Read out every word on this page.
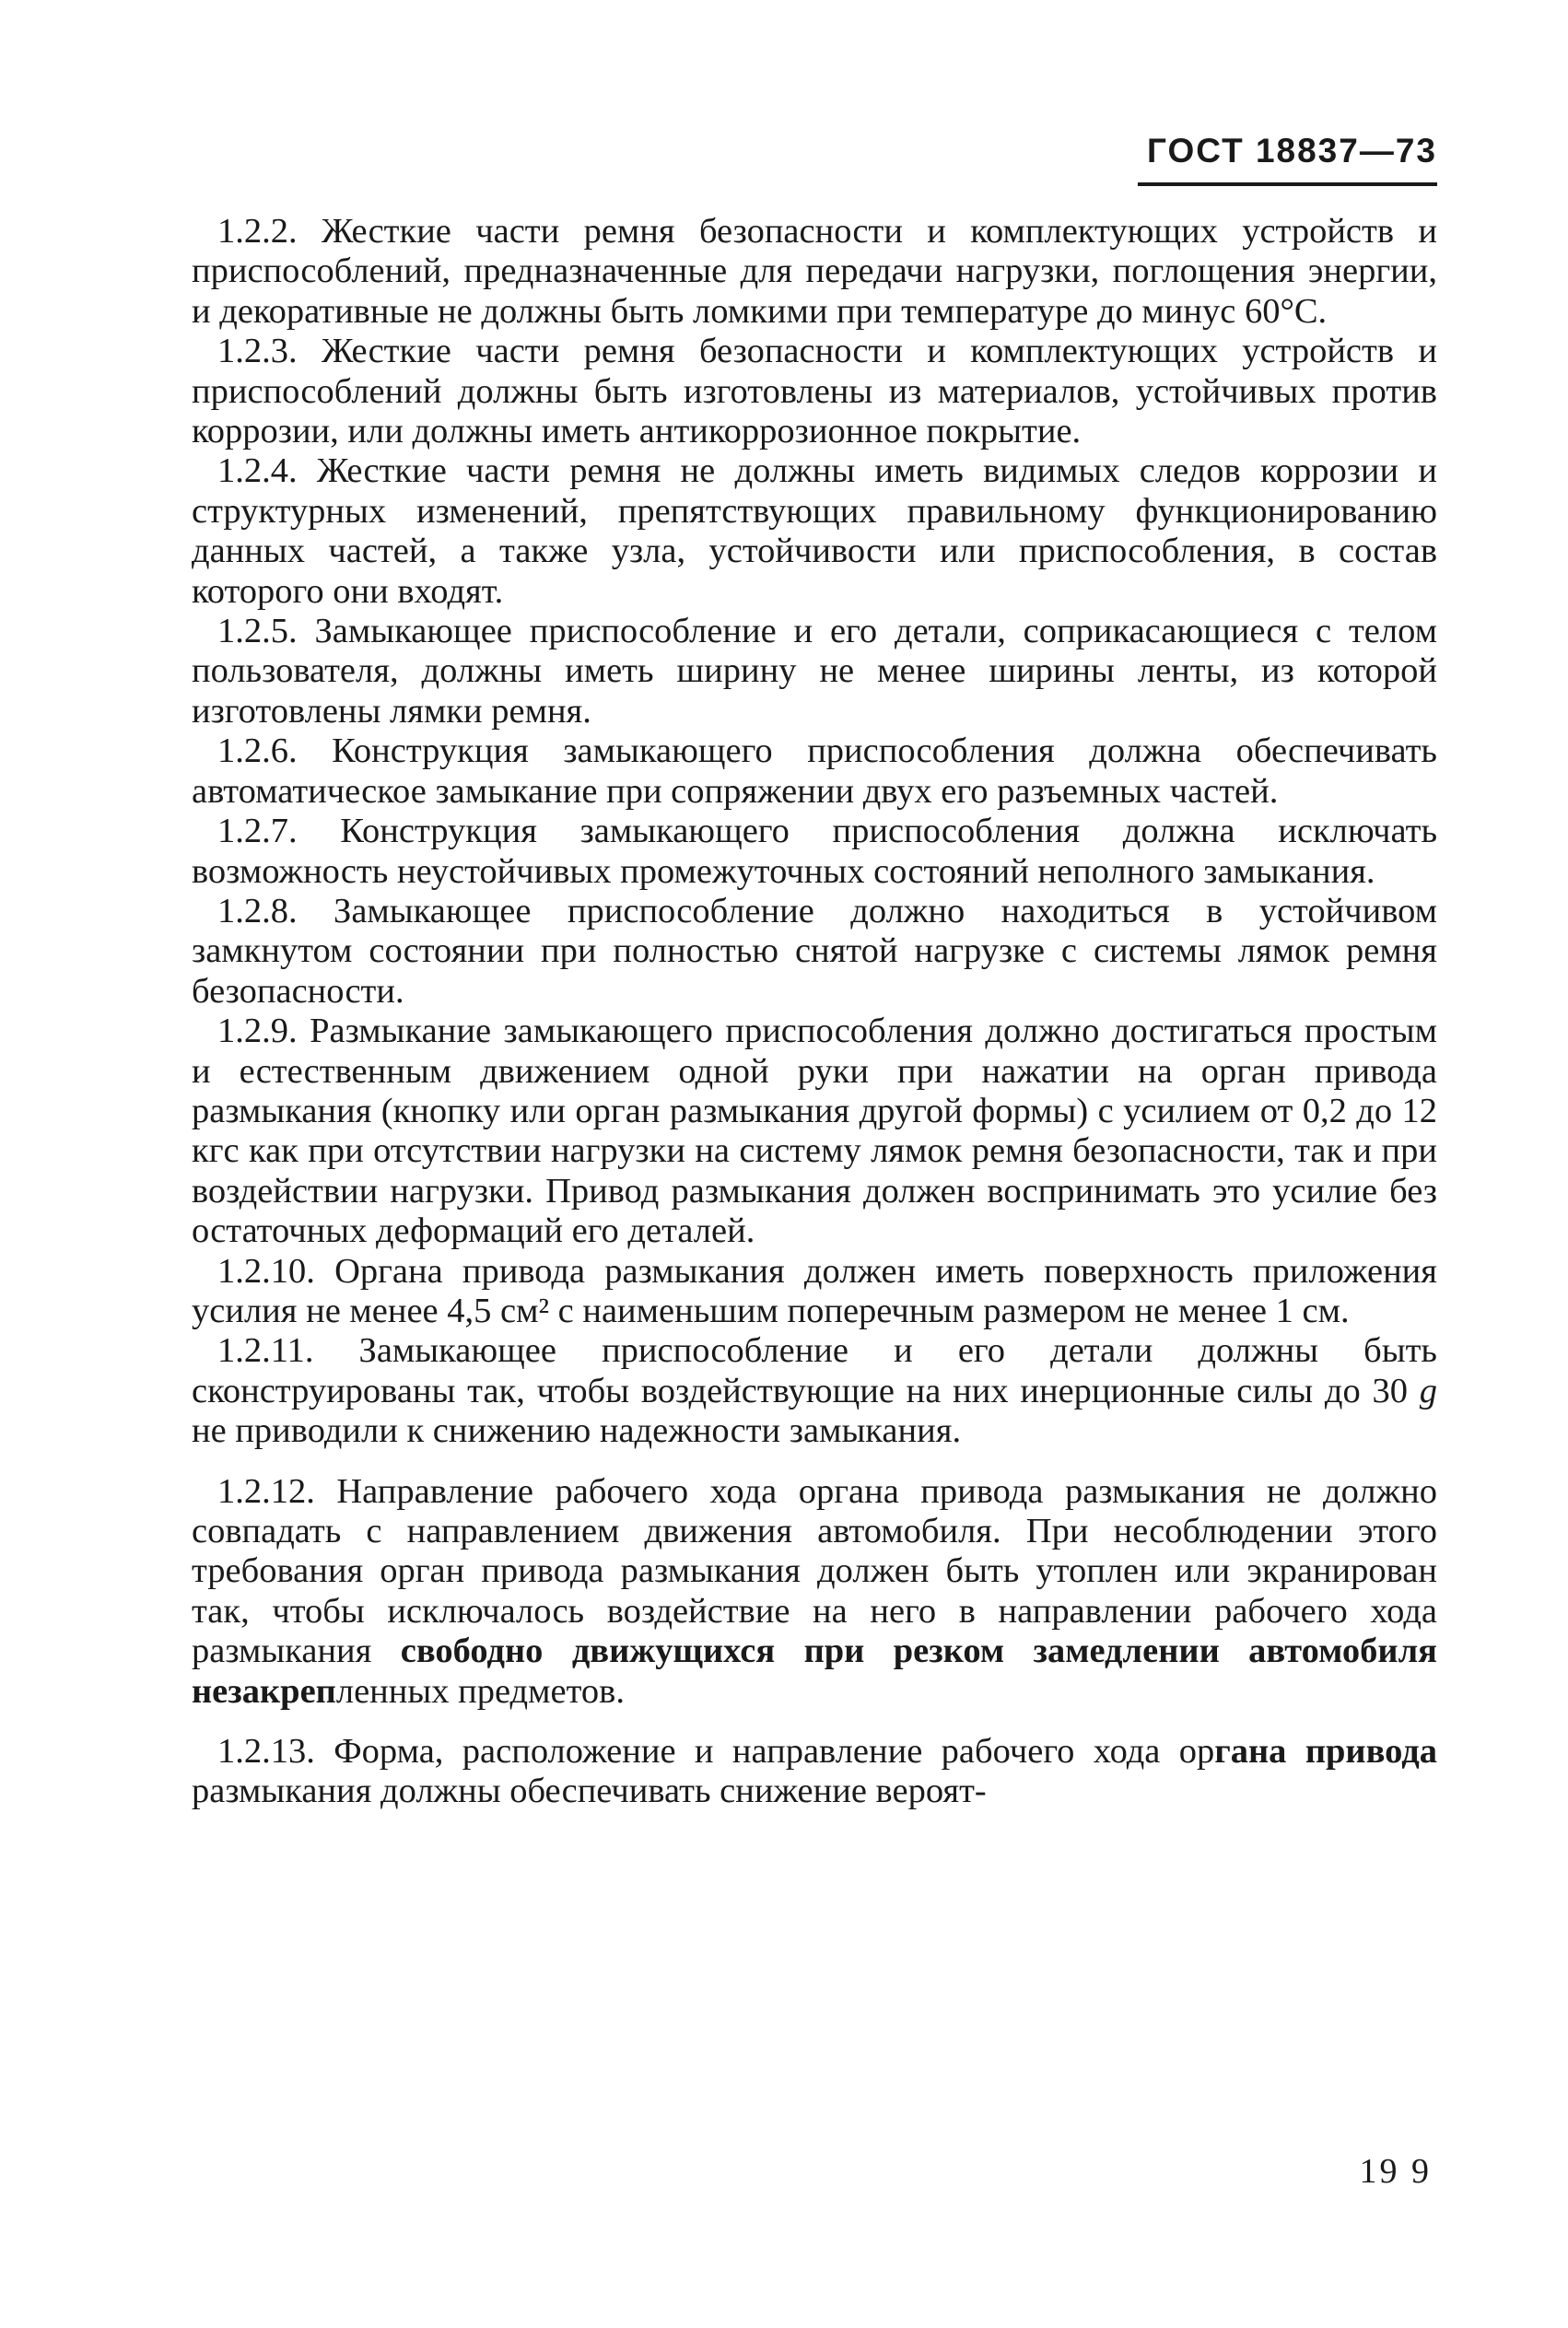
ГОСТ 18837—73

1.2.2. Жесткие части ремня безопасности и комплектующих устройств и приспособлений, предназначенные для передачи нагрузки, поглощения энергии, и декоративные не должны быть ломкими при температуре до минус 60°С.

1.2.3. Жесткие части ремня безопасности и комплектующих устройств и приспособлений должны быть изготовлены из материалов, устойчивых против коррозии, или должны иметь антикоррозионное покрытие.

1.2.4. Жесткие части ремня не должны иметь видимых следов коррозии и структурных изменений, препятствующих правильному функционированию данных частей, а также узла, устойчивости или приспособления, в состав которого они входят.

1.2.5. Замыкающее приспособление и его детали, соприкасающиеся с телом пользователя, должны иметь ширину не менее ширины ленты, из которой изготовлены лямки ремня.

1.2.6. Конструкция замыкающего приспособления должна обеспечивать автоматическое замыкание при сопряжении двух его разъемных частей.

1.2.7. Конструкция замыкающего приспособления должна исключать возможность неустойчивых промежуточных состояний неполного замыкания.

1.2.8. Замыкающее приспособление должно находиться в устойчивом замкнутом состоянии при полностью снятой нагрузке с системы лямок ремня безопасности.

1.2.9. Размыкание замыкающего приспособления должно достигаться простым и естественным движением одной руки при нажатии на орган привода размыкания (кнопку или орган размыкания другой формы) с усилием от 0,2 до 12 кгс как при отсутствии нагрузки на систему лямок ремня безопасности, так и при воздействии нагрузки. Привод размыкания должен воспринимать это усилие без остаточных деформаций его деталей.

1.2.10. Органа привода размыкания должен иметь поверхность приложения усилия не менее 4,5 см² с наименьшим поперечным размером не менее 1 см.

1.2.11. Замыкающее приспособление и его детали должны быть сконструированы так, чтобы воздействующие на них инерционные силы до 30 g не приводили к снижению надежности замыкания.

1.2.12. Направление рабочего хода органа привода размыкания не должно совпадать с направлением движения автомобиля. При несоблюдении этого требования орган привода размыкания должен быть утоплен или экранирован так, чтобы исключалось воздействие на него в направлении рабочего хода размыкания свободно движущихся при резком замедлении автомобиля незакрепленных предметов.

1.2.13. Форма, расположение и направление рабочего хода органа привода размыкания должны обеспечивать снижение вероят-

19 9
